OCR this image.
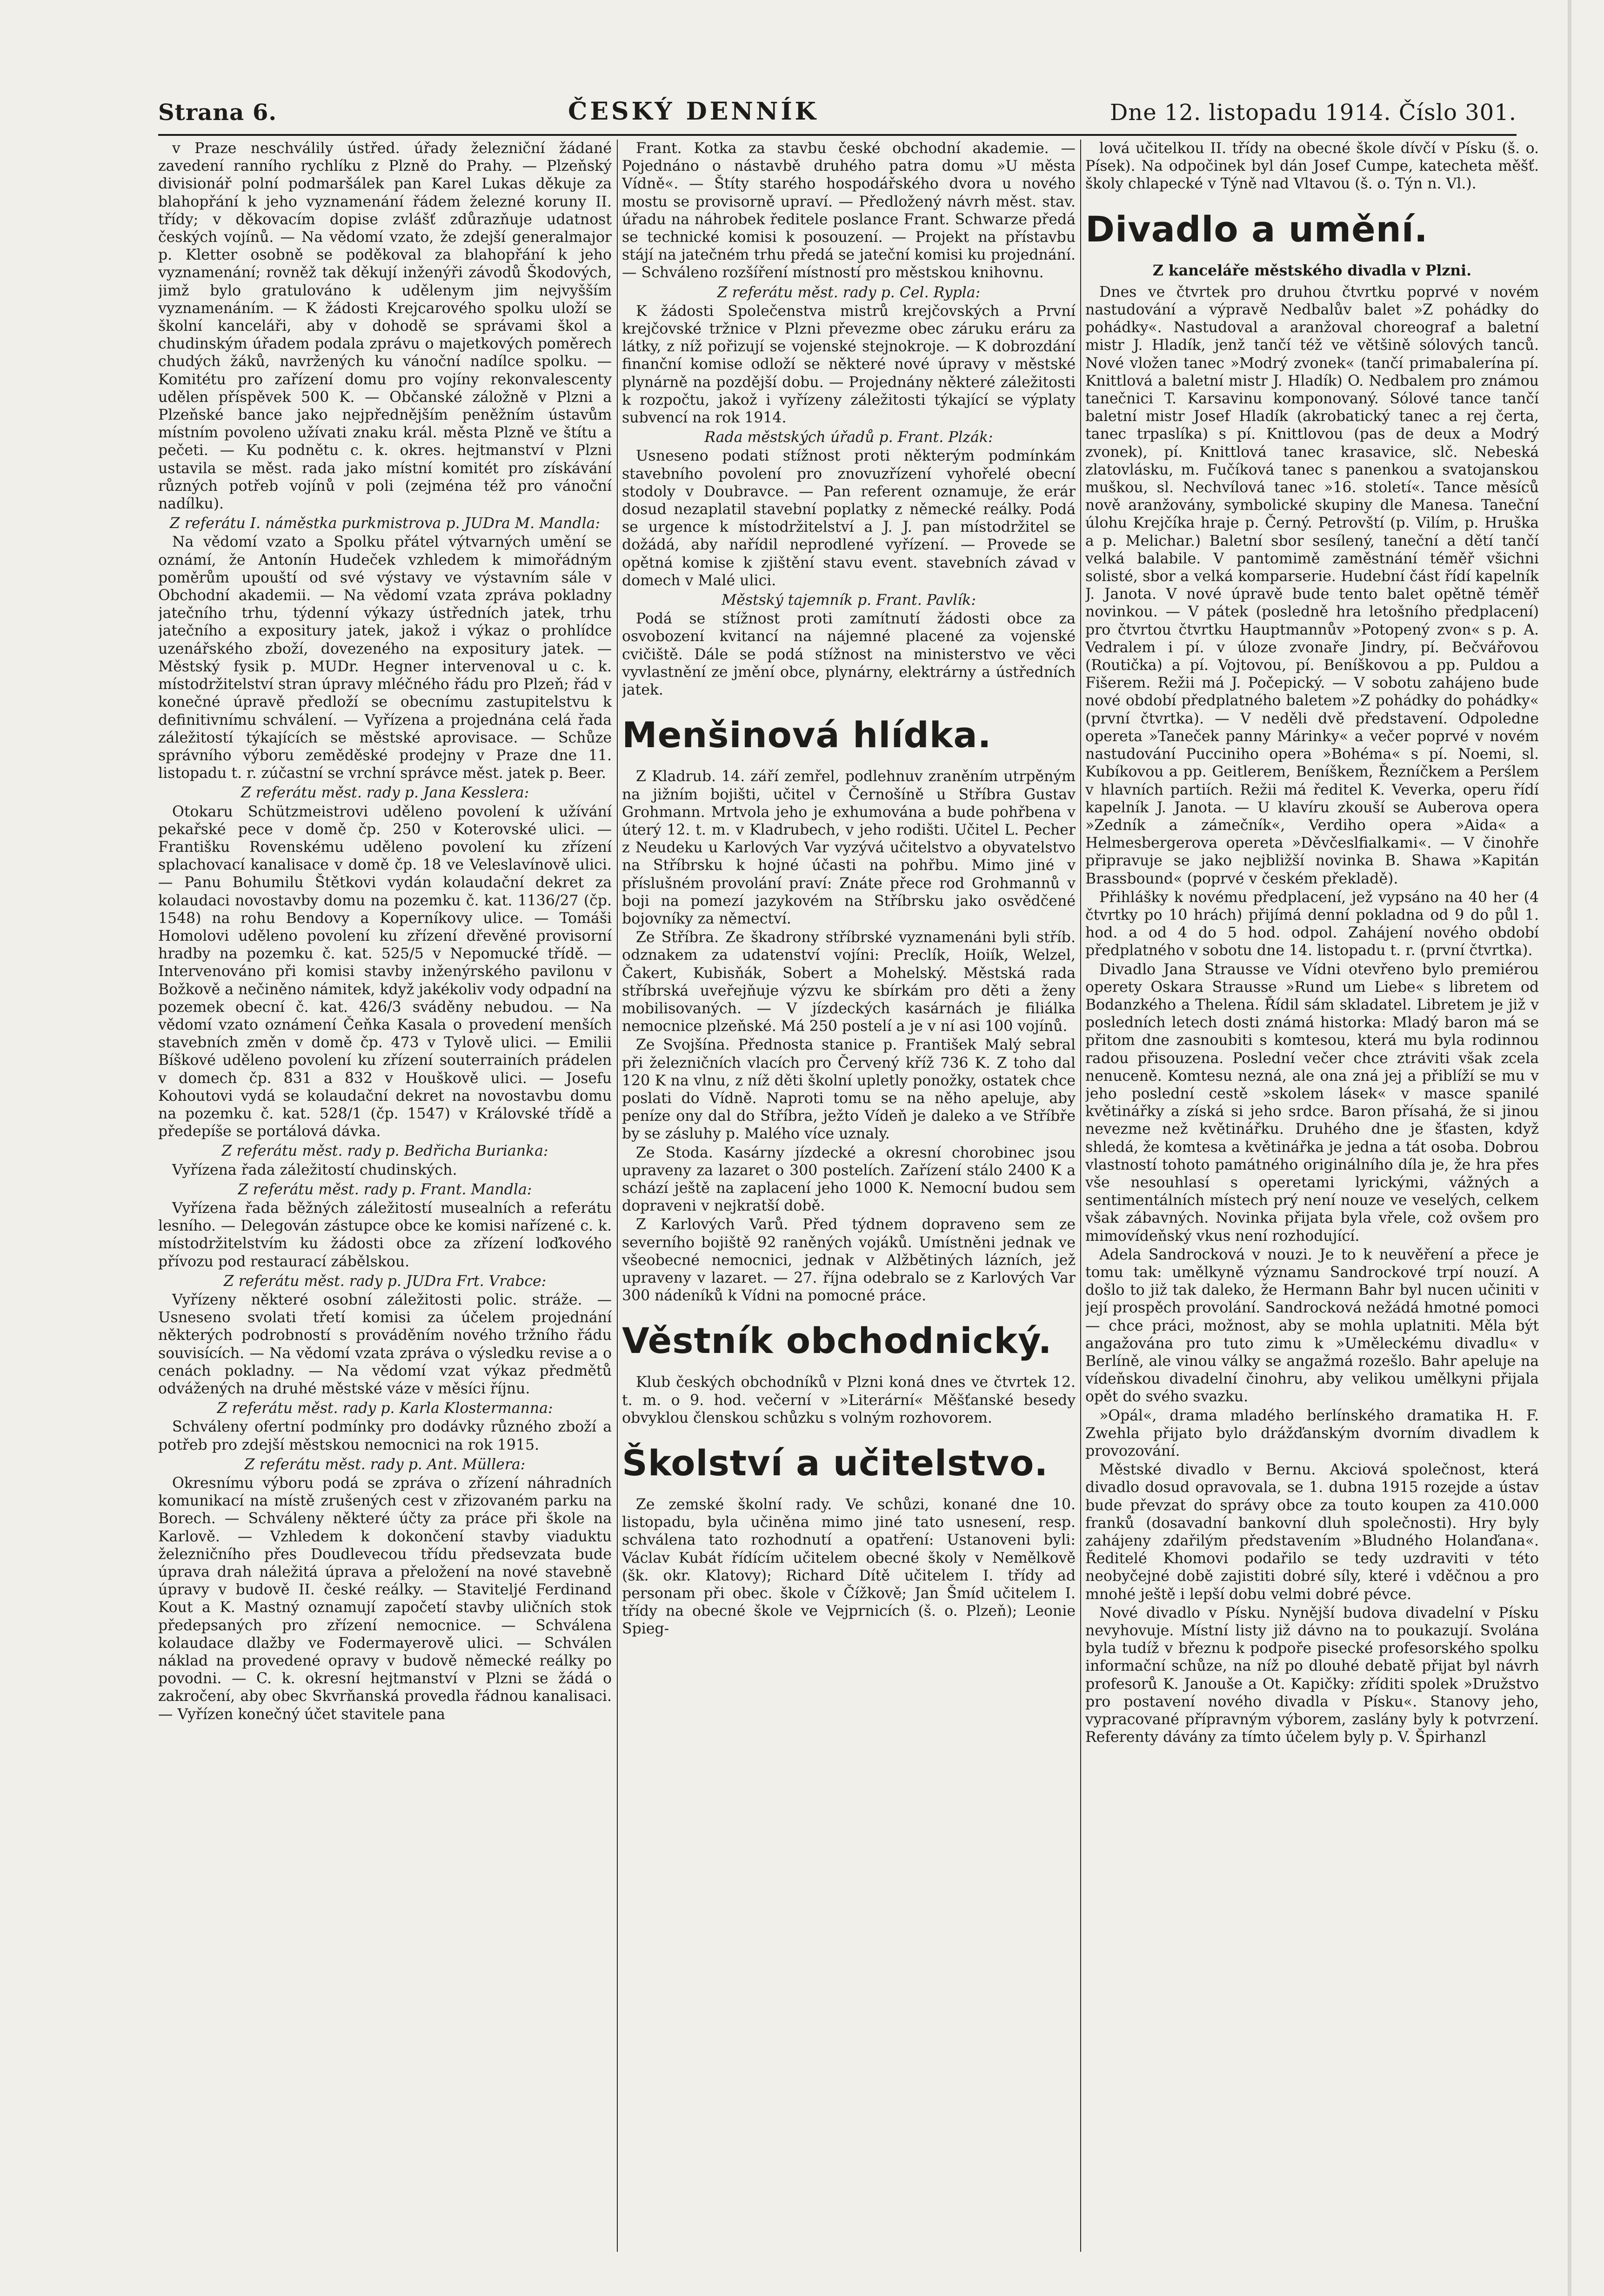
Strana 6.	ČESKÝ DENNÍK	Dne 12. listopadu 1914. Číslo 301.

v Praze neschválily ústřed. úřady železniční žádané zavedení ranního rychlíku z Plzně do Prahy. — Plzeňský divisionář polní podmaršálek pan Karel Lukas děkuje za blahopřání k jeho vyznamenání řádem železné koruny II. třídy; v děkovacím dopise zvlášť zdůrazňuje udatnost českých vojínů. — Na vědomí vzato, že zdejší generalmajor p. Kletter osobně se poděkoval za blahopřání k jeho vyznamenání; rovněž tak děkují inženýři závodů Škodových, jimž bylo gratulováno k udělenym jim nejvyšším vyznamenáním. — K žádosti Krejcarového spolku uloží se školní kanceláři, aby v dohodě se správami škol a chudinským úřadem podala zprávu o majetkových poměrech chudých žáků, navržených ku vánoční nadílce spolku. — Komitétu pro zařízení domu pro vojíny rekonvalescenty udělen příspěvek 500 K. — Občanské záložně v Plzni a Plzeňské bance jako nejpřednějším peněžním ústavům místním povoleno užívati znaku král. města Plzně ve štítu a pečeti. — Ku podnětu c. k. okres. hejtmanství v Plzni ustavila se měst. rada jako místní komitét pro získávání různých potřeb vojínů v poli (zejména též pro vánoční nadílku).

Z referátu I. náměstka purkmistrova p. JUDra M. Mandla:

Na vědomí vzato a Spolku přátel výtvarných umění se oznámí, že Antonín Hudeček vzhledem k mimořádným poměrům upouští od své výstavy ve výstavním sále v Obchodní akademii. — Na vědomí vzata zpráva pokladny jatečního trhu, týdenní výkazy ústředních jatek, trhu jatečního a expositury jatek, jakož i výkaz o prohlídce uzenářského zboží, dovezeného na expositury jatek. — Městský fysik p. MUDr. Hegner intervenoval u c. k. místodržitelství stran úpravy mléčného řádu pro Plzeň; řád v konečné úpravě předloží se obecnímu zastupitelstvu k definitivnímu schválení. — Vyřízena a projednána celá řada záležitostí týkajících se městské aprovisace. — Schůze správního výboru zeměděské prodejny v Praze dne 11. listopadu t. r. zúčastní se vrchní správce měst. jatek p. Beer.

Z referátu měst. rady p. Jana Kesslera:

Otokaru Schützmeistrovi uděleno povolení k užívání pekařské pece v domě čp. 250 v Koterovské ulici. — Františku Rovenskému uděleno povolení ku zřízení splachovací kanalisace v domě čp. 18 ve Veleslavínově ulici. — Panu Bohumilu Štětkovi vydán kolaudační dekret za kolaudaci novostavby domu na pozemku č. kat. 1136/27 (čp. 1548) na rohu Bendovy a Koperníkovy ulice. — Tomáši Homolovi uděleno povolení ku zřízení dřevěné provisorní hradby na pozemku č. kat. 525/5 v Nepomucké třídě. — Intervenováno při komisi stavby inženýrského pavilonu v Božkově a nečiněno námitek, když jakékoliv vody odpadní na pozemek obecní č. kat. 426/3 sváděny nebudou. — Na vědomí vzato oznámení Čeňka Kasala o provedení menších stavebních změn v domě čp. 473 v Tylově ulici. — Emilii Bíškové uděleno povolení ku zřízení souterrainích prádelen v domech čp. 831 a 832 v Houškově ulici. — Josefu Kohoutovi vydá se kolaudační dekret na novostavbu domu na pozemku č. kat. 528/1 (čp. 1547) v Královské třídě a předepíše se portálová dávka.

Z referátu měst. rady p. Bedřicha Burianka:

Vyřízena řada záležitostí chudinských.

Z referátu měst. rady p. Frant. Mandla:

Vyřízena řada běžných záležitostí musealních a referátu lesního. — Delegován zástupce obce ke komisi nařízené c. k. místodržitelstvím ku žádosti obce za zřízení loďkového přívozu pod restaurací zábělskou.

Z referátu měst. rady p. JUDra Frt. Vrabce:

Vyřízeny některé osobní záležitosti polic. stráže. — Usneseno svolati třetí komisi za účelem projednání některých podrobností s prováděním nového tržního řádu souvisících. — Na vědomí vzata zpráva o výsledku revise a o cenách pokladny. — Na vědomí vzat výkaz předmětů odvážených na druhé městské váze v měsíci říjnu.

Z referátu měst. rady p. Karla Klostermanna:

Schváleny ofertní podmínky pro dodávky různého zboží a potřeb pro zdejší městskou nemocnici na rok 1915.

Z referátu měst. rady p. Ant. Müllera:

Okresnímu výboru podá se zpráva o zřízení náhradních komunikací na místě zrušených cest v zřizovaném parku na Borech. — Schváleny některé účty za práce při škole na Karlově. — Vzhledem k dokončení stavby viaduktu železničního přes Doudlevecou třídu předsevzata bude úprava drah náležitá úprava a přeložení na nové stavebně úpravy v budově II. české reálky. — Staviteljé Ferdinand Kout a K. Mastný oznamují započetí stavby uličních stok předepsaných pro zřízení nemocnice. — Schválena kolaudace dlažby ve Fodermayerově ulici. — Schválen náklad na provedené opravy v budově německé reálky po povodni. — C. k. okresní hejtmanství v Plzni se žádá o zakročení, aby obec Skvrňanská provedla řádnou kanalisaci. — Vyřízen konečný účet stavitele pana

Frant. Kotka za stavbu české obchodní akademie. — Pojednáno o nástavbě druhého patra domu »U města Vídně«. — Štíty starého hospodářského dvora u nového mostu se provisorně upraví. — Předložený návrh měst. stav. úřadu na náhrobek ředitele poslance Frant. Schwarze předá se technické komisi k posouzení. — Projekt na přístavbu stájí na jatečném trhu předá se jateční komisi ku projednání. — Schváleno rozšíření místností pro městskou knihovnu.

Z referátu měst. rady p. Cel. Rypla:

K žádosti Společenstva mistrů krejčovských a První krejčovské tržnice v Plzni převezme obec záruku eráru za látky, z níž pořizují se vojenské stejnokroje. — K dobrozdání finanční komise odloží se některé nové úpravy v městské plynárně na pozdější dobu. — Projednány některé záležitosti k rozpočtu, jakož i vyřízeny záležitosti týkající se výplaty subvencí na rok 1914.

Rada městských úřadů p. Frant. Plzák:

Usneseno podati stížnost proti některým podmínkám stavebního povolení pro znovuzřízení vyhořelé obecní stodoly v Doubravce. — Pan referent oznamuje, že erár dosud nezaplatil stavební poplatky z německé reálky. Podá se urgence k místodržitelství a J. J. pan místodržitel se dožádá, aby nařídil neprodlené vyřízení. — Provede se opětná komise k zjištění stavu event. stavebních závad v domech v Malé ulici.

Městský tajemník p. Frant. Pavlík:

Podá se stížnost proti zamítnutí žádosti obce za osvobození kvitancí na nájemné placené za vojenské cvičiště. Dále se podá stížnost na ministerstvo ve věci vyvlastnění ze jmění obce, plynárny, elektrárny a ústředních jatek.

Menšinová hlídka.

Z Kladrub. 14. září zemřel, podlehnuv zraněním utrpěným na jižním bojišti, učitel v Černošíně u Stříbra Gustav Grohmann. Mrtvola jeho je exhumována a bude pohřbena v úterý 12. t. m. v Kladrubech, v jeho rodišti. Učitel L. Pecher z Neudeku u Karlových Var vyzývá učitelstvo a obyvatelstvo na Stříbrsku k hojné účasti na pohřbu. Mimo jiné v příslušném provolání praví: Znáte přece rod Grohmannů v boji na pomezí jazykovém na Stříbrsku jako osvědčené bojovníky za němectví.

Ze Stříbra. Ze škadrony stříbrské vyznamenáni byli stříb. odznakem za udatenství vojíni: Preclík, Hoiík, Welzel, Čakert, Kubisňák, Sobert a Mohelský. Městská rada stříbrská uveřejňuje výzvu ke sbírkám pro děti a ženy mobilisovaných. — V jízdeckých kasárnách je filiálka nemocnice plzeňské. Má 250 postelí a je v ní asi 100 vojínů.

Ze Svojšína. Přednosta stanice p. František Malý sebral při železničních vlacích pro Červený kříž 736 K. Z toho dal 120 K na vlnu, z níž děti školní upletly ponožky, ostatek chce poslati do Vídně. Naproti tomu se na něho apeluje, aby peníze ony dal do Stříbra, ježto Vídeň je daleko a ve Stříbře by se zásluhy p. Malého více uznaly.

Ze Stoda. Kasárny jízdecké a okresní chorobinec jsou upraveny za lazaret o 300 postelích. Zařízení stálo 2400 K a schází ještě na zaplacení jeho 1000 K. Nemocní budou sem dopraveni v nejkratší době.

Z Karlových Varů. Před týdnem dopraveno sem ze severního bojiště 92 raněných vojáků. Umístněni jednak ve všeobecné nemocnici, jednak v Alžbětiných lázních, jež upraveny v lazaret. — 27. října odebralo se z Karlových Var 300 nádeníků k Vídni na pomocné práce.

Věstník obchodnický.

Klub českých obchodníků v Plzni koná dnes ve čtvrtek 12. t. m. o 9. hod. večerní v »Literární« Měšťanské besedy obvyklou členskou schůzku s volným rozhovorem.

Školství a učitelstvo.

Ze zemské školní rady. Ve schůzi, konané dne 10. listopadu, byla učiněna mimo jiné tato usnesení, resp. schválena tato rozhodnutí a opatření: Ustanoveni byli: Václav Kubát řídícím učitelem obecné školy v Nemělkově (šk. okr. Klatovy); Richard Dítě učitelem I. třídy ad personam při obec. škole v Čížkově; Jan Šmíd učitelem I. třídy na obecné škole ve Vejprnicích (š. o. Plzeň); Leonie Spieg-

lová učitelkou II. třídy na obecné škole dívčí v Písku (š. o. Písek). Na odpočinek byl dán Josef Cumpe, katecheta měšť. školy chlapecké v Týně nad Vltavou (š. o. Týn n. Vl.).

Divadlo a umění.

Z kanceláře městského divadla v Plzni.

Dnes ve čtvrtek pro druhou čtvrtku poprvé v novém nastudování a výpravě Nedbalův balet »Z pohádky do pohádky«. Nastudoval a aranžoval choreograf a baletní mistr J. Hladík, jenž tančí též ve většině sólových tanců. Nové vložen tanec »Modrý zvonek« (tančí primabalerína pí. Knittlová a baletní mistr J. Hladík) O. Nedbalem pro známou tanečnici T. Karsavinu komponovaný. Sólové tance tančí baletní mistr Josef Hladík (akrobatický tanec a rej čerta, tanec trpaslíka) s pí. Knittlovou (pas de deux a Modrý zvonek), pí. Knittlová tanec krasavice, slč. Nebeská zlatovlásku, m. Fučíková tanec s panenkou a svatojanskou muškou, sl. Nechvílová tanec »16. století«. Tance měsíců nově aranžovány, symbolické skupiny dle Manesa. Taneční úlohu Krejčíka hraje p. Černý. Petrovští (p. Vilím, p. Hruška a p. Melichar.) Baletní sbor sesílený, taneční a dětí tančí velká balabile. V pantomimě zaměstnání téměř všichni solisté, sbor a velká komparserie. Hudební část řídí kapelník J. Janota. V nové úpravě bude tento balet opětně téměř novinkou. — V pátek (posledně hra letošního předplacení) pro čtvrtou čtvrtku Hauptmannův »Potopený zvon« s p. A. Vedralem i pí. v úloze zvonaře Jindry, pí. Bečvářovou (Routička) a pí. Vojtovou, pí. Beníškovou a pp. Puldou a Fišerem. Režii má J. Počepický. — V sobotu zahájeno bude nové období předplatného baletem »Z pohádky do pohádky« (první čtvrtka). — V neděli dvě představení. Odpoledne opereta »Taneček panny Márinky« a večer poprvé v novém nastudování Puccinihо opera »Bohéma« s pí. Noemi, sl. Kubíkovou a pp. Geitlerem, Beníškem, Řezníčkem a Perślem v hlavních partiích. Režii má ředitel K. Veverka, operu řídí kapelník J. Janota. — U klavíru zkouší se Auberova opera »Zedník a zámečník«, Verdiho opera »Aida« a Helmesbergerova opereta »Děvčeslfialkami«. — V činohře připravuje se jako nejbližší novinka B. Shawa »Kapitán Brassbound« (poprvé v českém překladě).

Přihlášky k novému předplacení, jež vypsáno na 40 her (4 čtvrtky po 10 hrách) přijímá denní pokladna od 9 do půl 1. hod. a od 4 do 5 hod. odpol. Zahájení nového období předplatného v sobotu dne 14. listopadu t. r. (první čtvrtka).

Divadlo Jana Strausse ve Vídni otevřeno bylo premiérou operety Oskara Strausse »Rund um Liebe« s libretem od Bodanzkého a Thelena. Řídil sám skladatel. Libretem je již v posledních letech dosti známá historka: Mladý baron má se přitom dne zasnoubiti s komtesou, která mu byla rodinnou radou přisouzena. Poslední večer chce ztráviti však zcela nenuceně. Komtesu nezná, ale ona zná jej a přiblíží se mu v jeho poslední cestě »skolem lásek« v masce spanilé květinářky a získá si jeho srdce. Baron přísahá, že si jinou nevezme než květinářku. Druhého dne je šťasten, když shledá, že komtesa a květinářka je jedna a tát osoba. Dobrou vlastností tohoto památného originálního díla je, že hra přes vše nesouhlasí s operetami lyrickými, vážných a sentimentálních místech prý není nouze ve veselých, celkem však zábavných. Novinka přijata byla vřele, což ovšem pro mimovídeňský vkus není rozhodující.

Adela Sandrocková v nouzi. Je to k neuvěření a přece je tomu tak: umělkyně významu Sandrockové trpí nouzí. A došlo to již tak daleko, že Hermann Bahr byl nucen učiniti v její prospěch provolání. Sandrocková nežádá hmotné pomoci — chce práci, možnost, aby se mohla uplatniti. Měla být angažována pro tuto zimu k »Uměleckému divadlu« v Berlíně, ale vinou války se angažmá rozešlo. Bahr apeluje na vídeňskou divadelní činohru, aby velikou umělkyni přijala opět do svého svazku.

»Opál«, drama mladého berlínského dramatika H. F. Zwehla přijato bylo drážďanským dvorním divadlem k provozování.

Městské divadlo v Bernu. Akciová společnost, která divadlo dosud opravovala, se 1. dubna 1915 rozejde a ústav bude převzat do správy obce za touto koupen za 410.000 franků (dosavadní bankovní dluh společnosti). Hry byly zahájeny zdařilým představením »Bludného Holanďana«. Ředitelé Khomovi podařilo se tedy uzdraviti v této neobyčejné době zajistiti dobré síly, které i vděčnou a pro mnohé ještě i lepší dobu velmi dobré pévce.

Nové divadlo v Písku. Nynější budova divadelní v Písku nevyhovuje. Místní listy již dávno na to poukazují. Svolána byla tudíž v březnu k podpoře pisecké profesorského spolku informační schůze, na níž po dlouhé debatě přijat byl návrh profesorů K. Janouše a Ot. Kapičky: zříditi spolek »Družstvo pro postavení nového divadla v Písku«. Stanovy jeho, vypracované přípravným výborem, zaslány byly k potvrzení. Referenty dávány za tímto účelem byly p. V. Špirhanzl
